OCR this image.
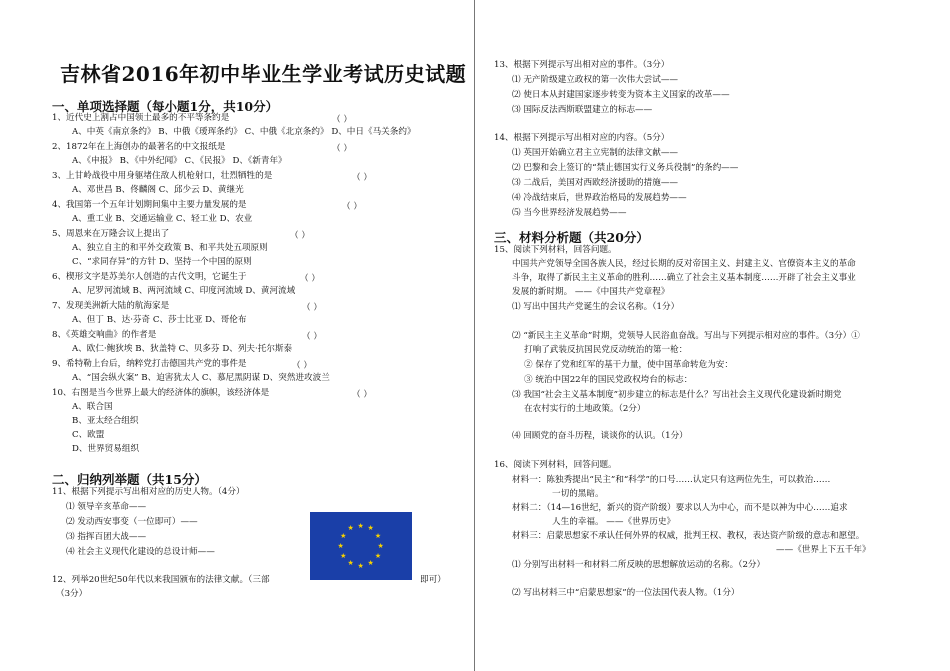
吉林省2016年初中毕业生学业考试历史试题
一、单项选择题（每小题1分，共10分）
1、近代史上割占中国领土最多的不平等条约是	（ ）
A、中英《南京条约》 B、中俄《瑷珲条约》 C、中俄《北京条约》 D、中日《马关条约》
2、1872年在上海创办的最著名的中文报纸是	（ ）
A、《申报》 B、《中外纪闻》 C、《民报》 D、《新青年》
3、上甘岭战役中用身躯堵住敌人机枪射口，壮烈牺牲的是	（ ）
A、邓世昌 B、佟麟阁 C、邱少云 D、黄继光
4、我国第一个五年计划期间集中主要力量发展的是	（ ）
A、重工业 B、交通运输业 C、轻工业 D、农业
5、周恩来在万隆会议上提出了	（ ）
A、独立自主的和平外交政策 B、和平共处五项原则
C、“求同存异”的方针 D、坚持一个中国的原则
6、楔形文字是苏美尔人创造的古代文明，它诞生于	（ ）
A、尼罗河流域 B、两河流域 C、印度河流域 D、黄河流域
7、发现美洲新大陆的航海家是	（ ）
A、但丁 B、达·芬奇 C、莎士比亚 D、哥伦布
8、《英雄交响曲》的作者是	（ ）
A、欧仁·鲍狄埃 B、狄盖特 C、贝多芬 D、列夫·托尔斯泰
9、希特勒上台后，纳粹党打击德国共产党的事件是	（ ）
A、“国会纵火案” B、迫害犹太人 C、慕尼黑阴谋 D、突然进攻波兰
10、右图是当今世界上最大的经济体的旗帜，该经济体是	（ ）
A、联合国
B、亚太经合组织
C、欧盟
D、世界贸易组织
二、归纳列举题（共15分）
11、根据下列提示写出相对应的历史人物。（4分）
⑴ 领导辛亥革命——
⑵ 发动西安事变（一位即可）——
⑶ 指挥百团大战——
⑷ 社会主义现代化建设的总设计师——
12、列举20世纪50年代以来我国颁布的法律文献。（三部	即可）
（3分）
★ ★
★
★
★
★
★
★
★
★
★
★
13、根据下列提示写出相对应的事件。（3分）
⑴ 无产阶级建立政权的第一次伟大尝试——
⑵ 使日本从封建国家逐步转变为资本主义国家的改革——
⑶ 国际反法西斯联盟建立的标志——
14、根据下列提示写出相对应的内容。（5分）
⑴ 英国开始确立君主立宪制的法律文献——
⑵ 巴黎和会上签订的“禁止德国实行义务兵役制”的条约——
⑶ 二战后，美国对西欧经济援助的措施——
⑷ 冷战结束后，世界政治格局的发展趋势——
⑸ 当今世界经济发展趋势——
三、材料分析题（共20分）
15、阅读下列材料，回答问题。
中国共产党领导全国各族人民，经过长期的反对帝国主义、封建主义、官僚资本主义的革命
斗争，取得了新民主主义革命的胜利……确立了社会主义基本制度……开辟了社会主义事业
发展的新时期。 ——《中国共产党章程》
⑴ 写出中国共产党诞生的会议名称。（1分）
⑵ “新民主主义革命”时期，党领导人民浴血奋战。写出与下列提示相对应的事件。（3分）①
打响了武装反抗国民党反动统治的第一枪：
② 保存了党和红军的基干力量，使中国革命转危为安：
③ 统治中国22年的国民党政权垮台的标志：
⑶ 我国“社会主义基本制度”初步建立的标志是什么？写出社会主义现代化建设新时期党
在农村实行的土地政策。（2分）
⑷ 回顾党的奋斗历程，谈谈你的认识。（1分）
16、阅读下列材料，回答问题。
材料一：陈独秀提出“民主”和“科学”的口号……认定只有这两位先生，可以救治……
一切的黑暗。
材料二：（14—16世纪，新兴的资产阶级）要求以人为中心，而不是以神为中心……追求
人生的幸福。 ——《世界历史》
材料三：启蒙思想家不承认任何外界的权威，批判王权、教权，表达资产阶级的意志和愿望。
——《世界上下五千年》
⑴ 分别写出材料一和材料二所反映的思想解放运动的名称。（2分）
⑵ 写出材料三中“启蒙思想家”的一位法国代表人物。（1分）
